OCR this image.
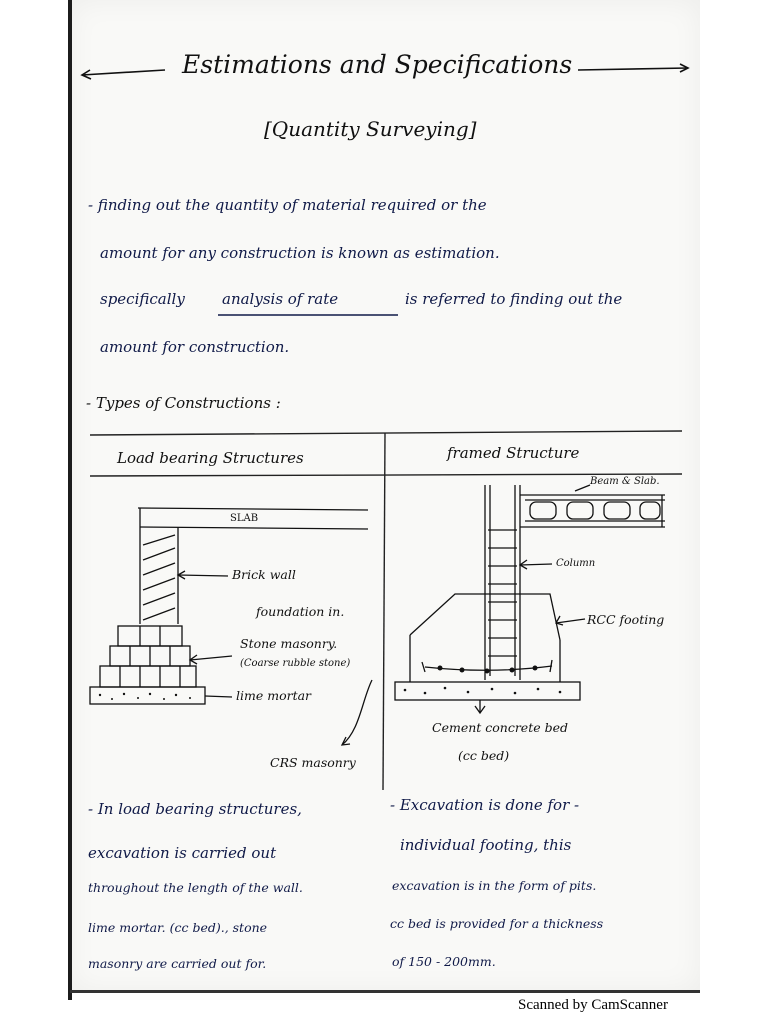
Estimations and Specifications
[Quantity Surveying]
- finding out the quantity of material required or the
amount for any construction is known as estimation.
specifically analysis of rate	is referred to finding out the
amount for construction.
- Types of Constructions :
Load bearing Structures	framed Structure
SLAB
Brick wall
foundation in.
Stone masonry.
(Coarse rubble stone)
lime mortar
CRS masonry
Beam & Slab.
Column
RCC footing
Cement concrete bed
(cc bed)
- In load bearing structures,
excavation is carried out
throughout the length of the wall.
lime mortar. (cc bed)., stone
masonry are carried out for.
- Excavation is done for -
individual footing, this
excavation is in the form of pits.
cc bed is provided for a thickness
of 150 - 200mm.
Scanned by CamScanner
